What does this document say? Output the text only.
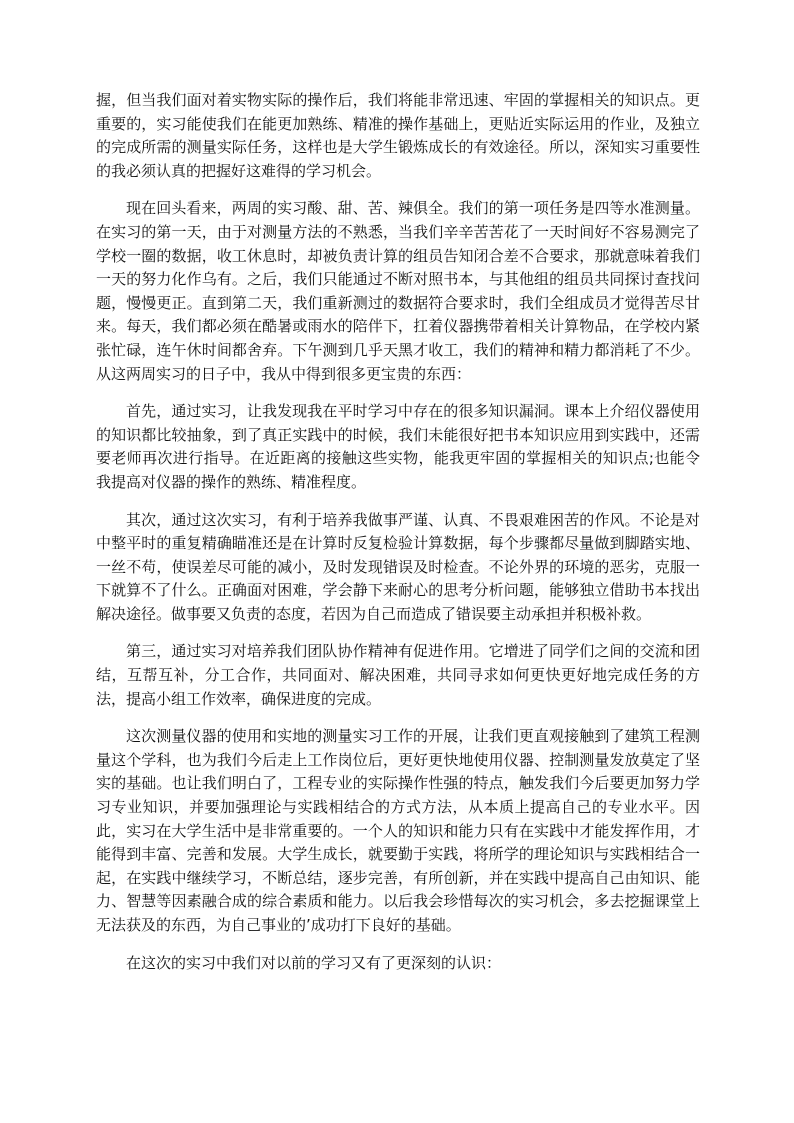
握，但当我们面对着实物实际的操作后，我们将能非常迅速、牢固的掌握相关的知识点。更重要的，实习能使我们在能更加熟练、精准的操作基础上，更贴近实际运用的作业，及独立的完成所需的测量实际任务，这样也是大学生锻炼成长的有效途径。所以，深知实习重要性的我必须认真的把握好这难得的学习机会。

现在回头看来，两周的实习酸、甜、苦、辣俱全。我们的第一项任务是四等水准测量。在实习的第一天，由于对测量方法的不熟悉，当我们辛辛苦苦花了一天时间好不容易测完了学校一圈的数据，收工休息时，却被负责计算的组员告知闭合差不合要求，那就意味着我们一天的努力化作乌有。之后，我们只能通过不断对照书本，与其他组的组员共同探讨查找问题，慢慢更正。直到第二天，我们重新测过的数据符合要求时，我们全组成员才觉得苦尽甘来。每天，我们都必须在酷暑或雨水的陪伴下，扛着仪器携带着相关计算物品，在学校内紧张忙碌，连午休时间都舍弃。下午测到几乎天黑才收工，我们的精神和精力都消耗了不少。从这两周实习的日子中，我从中得到很多更宝贵的东西：

首先，通过实习，让我发现我在平时学习中存在的很多知识漏洞。课本上介绍仪器使用的知识都比较抽象，到了真正实践中的时候，我们未能很好把书本知识应用到实践中，还需要老师再次进行指导。在近距离的接触这些实物，能我更牢固的掌握相关的知识点;也能令我提高对仪器的操作的熟练、精准程度。

其次，通过这次实习，有利于培养我做事严谨、认真、不畏艰难困苦的作风。不论是对中整平时的重复精确瞄准还是在计算时反复检验计算数据，每个步骤都尽量做到脚踏实地、一丝不苟，使误差尽可能的减小，及时发现错误及时检查。不论外界的环境的恶劣，克服一下就算不了什么。正确面对困难，学会静下来耐心的思考分析问题，能够独立借助书本找出解决途径。做事要又负责的态度，若因为自己而造成了错误要主动承担并积极补救。

第三，通过实习对培养我们团队协作精神有促进作用。它增进了同学们之间的交流和团结，互帮互补，分工合作，共同面对、解决困难，共同寻求如何更快更好地完成任务的方法，提高小组工作效率，确保进度的完成。

这次测量仪器的使用和实地的测量实习工作的开展，让我们更直观接触到了建筑工程测量这个学科，也为我们今后走上工作岗位后，更好更快地使用仪器、控制测量发放莫定了坚实的基础。也让我们明白了，工程专业的实际操作性强的特点，触发我们今后要更加努力学习专业知识，并要加强理论与实践相结合的方式方法，从本质上提高自己的专业水平。因此，实习在大学生活中是非常重要的。一个人的知识和能力只有在实践中才能发挥作用，才能得到丰富、完善和发展。大学生成长，就要勤于实践，将所学的理论知识与实践相结合一起，在实践中继续学习，不断总结，逐步完善，有所创新，并在实践中提高自己由知识、能力、智慧等因素融合成的综合素质和能力。以后我会珍惜每次的实习机会，多去挖掘课堂上无法获及的东西，为自己事业的’成功打下良好的基础。

在这次的实习中我们对以前的学习又有了更深刻的认识：
